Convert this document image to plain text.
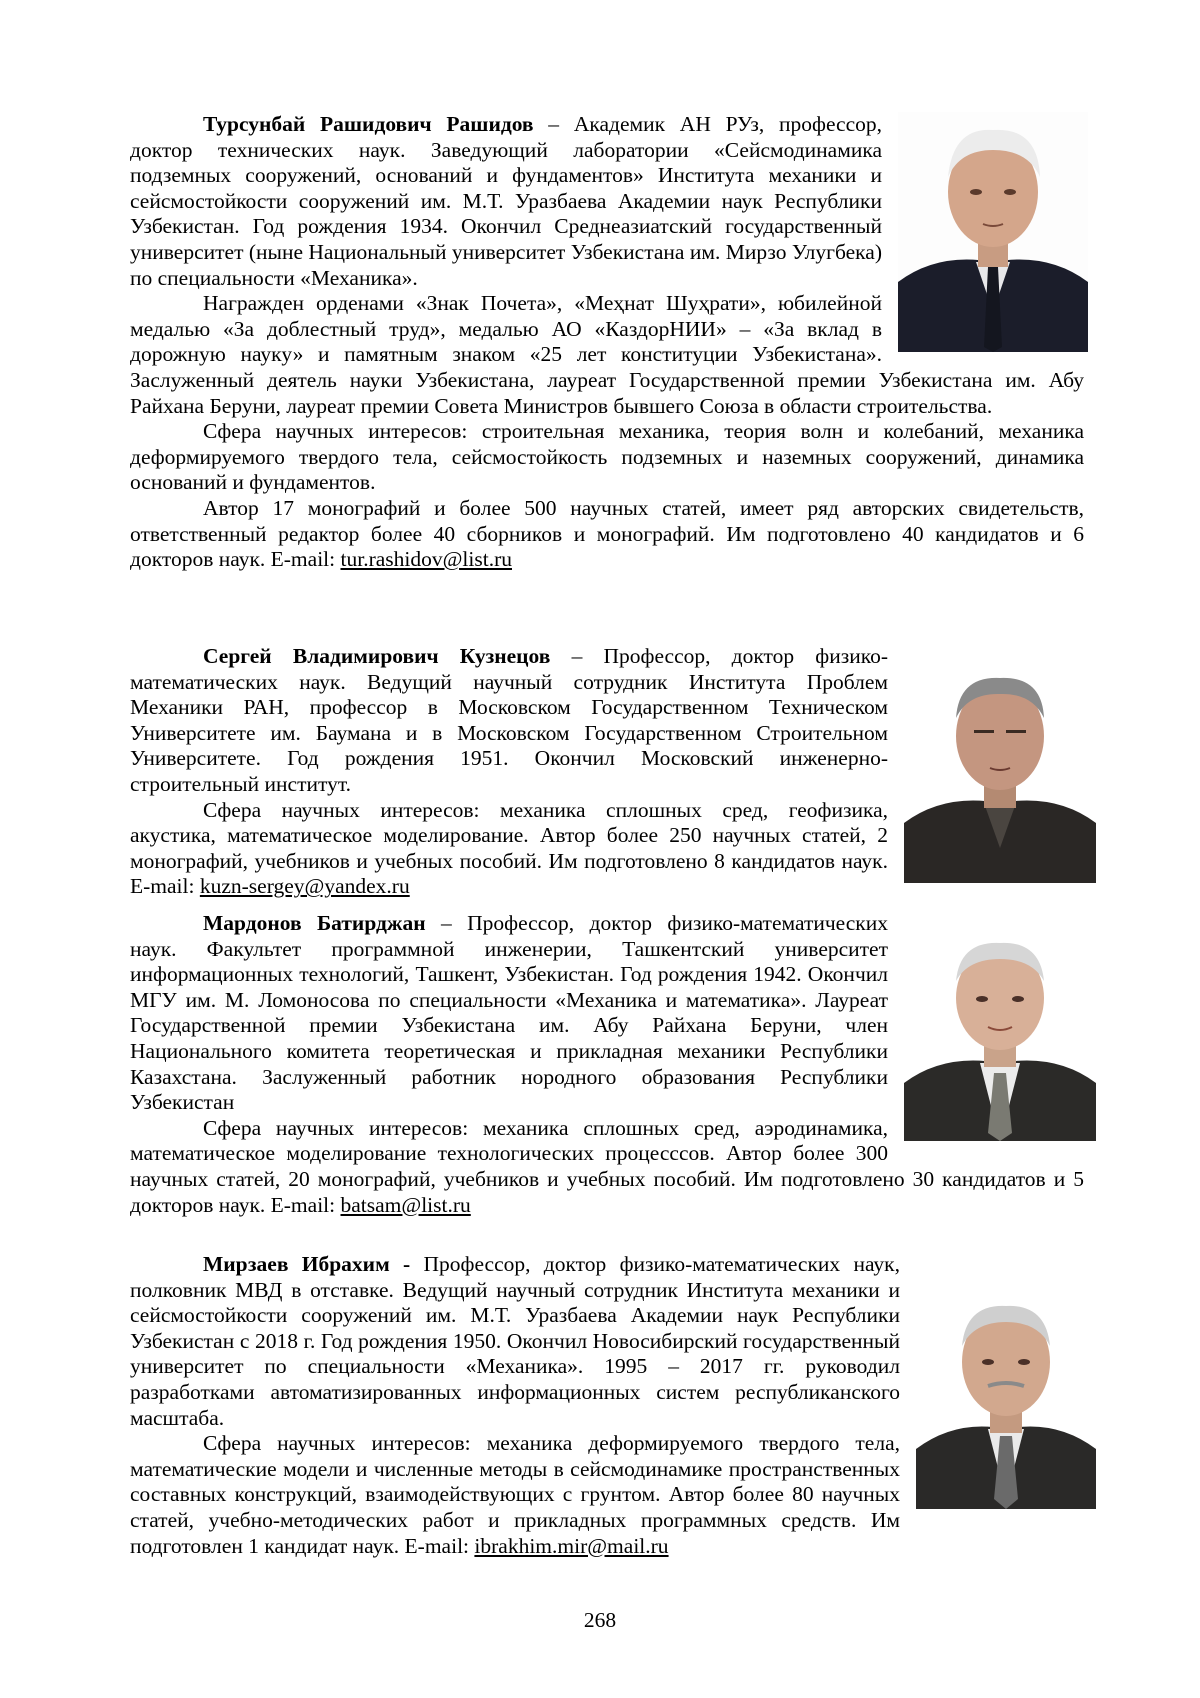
Турсунбай Рашидович Рашидов – Академик АН РУз, профессор, доктор технических наук. Заведующий лаборатории «Сейсмодинамика подземных сооружений, оснований и фундаментов» Института механики и сейсмостойкости сооружений им. М.Т. Уразбаева Академии наук Республики Узбекистан. Год рождения 1934. Окончил Среднеазиатский государственный университет (ныне Национальный университет Узбекистана им. Мирзо Улугбека) по специальности «Механика».

Награжден орденами «Знак Почета», «Меҳнат Шуҳрати», юбилейной медалью «За доблестный труд», медалью АО «КаздорНИИ» – «За вклад в дорожную науку» и памятным знаком «25 лет конституции Узбекистана». Заслуженный деятель науки Узбекистана, лауреат Государственной премии Узбекистана им. Абу Райхана Беруни, лауреат премии Совета Министров бывшего Союза в области строительства.

Сфера научных интересов: строительная механика, теория волн и колебаний, механика деформируемого твердого тела, сейсмостойкость подземных и наземных сооружений, динамика оснований и фундаментов.

Автор 17 монографий и более 500 научных статей, имеет ряд авторских свидетельств, ответственный редактор более 40 сборников и монографий. Им подготовлено 40 кандидатов и 6 докторов наук. E-mail: tur.rashidov@list.ru

Сергей Владимирович Кузнецов – Профессор, доктор физико-математических наук. Ведущий научный сотрудник Института Проблем Механики РАН, профессор в Московском Государственном Техническом Университете им. Баумана и в Московском Государственном Строительном Университете. Год рождения 1951. Окончил Московский инженерно-строительный институт.

Сфера научных интересов: механика сплошных сред, геофизика, акустика, математическое моделирование. Автор более 250 научных статей, 2 монографий, учебников и учебных пособий. Им подготовлено 8 кандидатов наук. E-mail: kuzn-sergey@yandex.ru

Мардонов Батирджан – Профессор, доктор физико-математических наук. Факультет программной инженерии, Ташкентский университет информационных технологий, Ташкент, Узбекистан. Год рождения 1942. Окончил МГУ им. М. Ломоносова по специальности «Механика и математика». Лауреат Государственной премии Узбекистана им. Абу Райхана Беруни, член Национального комитета теоретическая и прикладная механики Республики Казахстана. Заслуженный работник нородного образования Республики Узбекистан

Сфера научных интересов: механика сплошных сред, аэродинамика, математическое моделирование технологических процесссов. Автор более 300 научных статей, 20 монографий, учебников и учебных пособий. Им подготовлено 30 кандидатов и 5 докторов наук. E-mail: batsam@list.ru

Мирзаев Ибрахим - Профессор, доктор физико-математических наук, полковник МВД в отставке. Ведущий научный сотрудник Института механики и сейсмостойкости сооружений им. М.Т. Уразбаева Академии наук Республики Узбекистан с 2018 г. Год рождения 1950. Окончил Новосибирский государственный университет по специальности «Механика». 1995 – 2017 гг. руководил разработками автоматизированных информационных систем республиканского масштаба.

Сфера научных интересов: механика деформируемого твердого тела, математические модели и численные методы в сейсмодинамике пространственных составных конструкций, взаимодействующих с грунтом. Автор более 80 научных статей, учебно-методических работ и прикладных программных средств. Им подготовлен 1 кандидат наук. E-mail: ibrakhim.mir@mail.ru

268
